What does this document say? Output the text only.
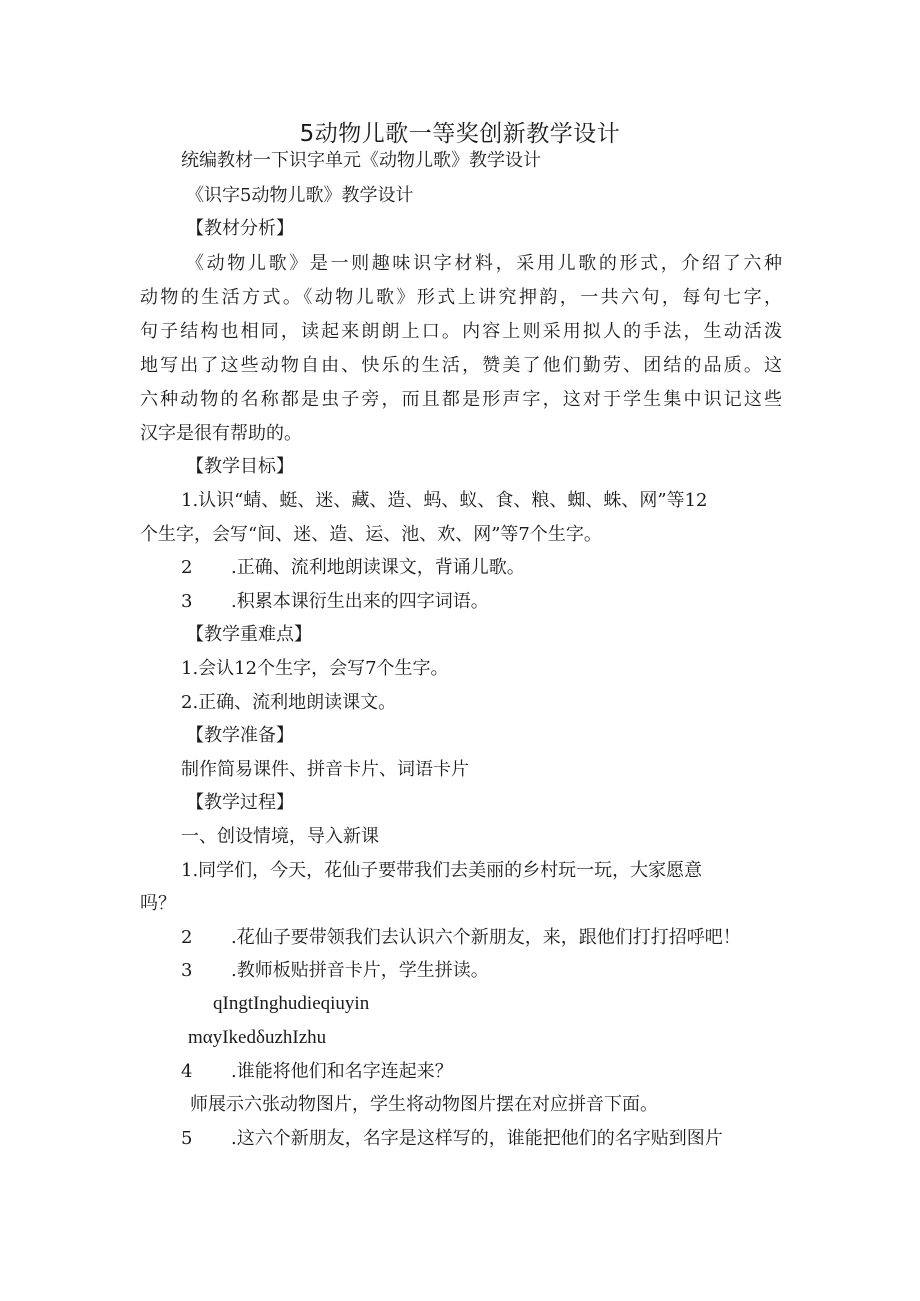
5动物儿歌一等奖创新教学设计
统编教材一下识字单元《动物儿歌》教学设计
《识字5动物儿歌》教学设计
【教材分析】
《动物儿歌》是一则趣味识字材料，采用儿歌的形式，介绍了六种
动物的生活方式。《动物儿歌》形式上讲究押韵，一共六句，每句七字，
句子结构也相同，读起来朗朗上口。内容上则采用拟人的手法，生动活泼
地写出了这些动物自由、快乐的生活，赞美了他们勤劳、团结的品质。这
六种动物的名称都是虫子旁，而且都是形声字，这对于学生集中识记这些
汉字是很有帮助的。
【教学目标】
1.认识“蜻、蜓、迷、藏、造、蚂、蚁、食、粮、蜘、蛛、网”等12
个生字，会写“间、迷、造、运、池、欢、网”等7个生字。
2 .正确、流利地朗读课文，背诵儿歌。
3 .积累本课衍生出来的四字词语。
【教学重难点】
1.会认12个生字，会写7个生字。
2.正确、流利地朗读课文。
【教学准备】
制作简易课件、拼音卡片、词语卡片
【教学过程】
一、创设情境，导入新课
1.同学们，今天，花仙子要带我们去美丽的乡村玩一玩，大家愿意
吗？
2 .花仙子要带领我们去认识六个新朋友，来，跟他们打打招呼吧！
3 .教师板贴拼音卡片，学生拼读。
qIngtInghudieqiuyin
mαyIkedδuzhIzhu
4 .谁能将他们和名字连起来？
师展示六张动物图片，学生将动物图片摆在对应拼音下面。
5 .这六个新朋友，名字是这样写的，谁能把他们的名字贴到图片
